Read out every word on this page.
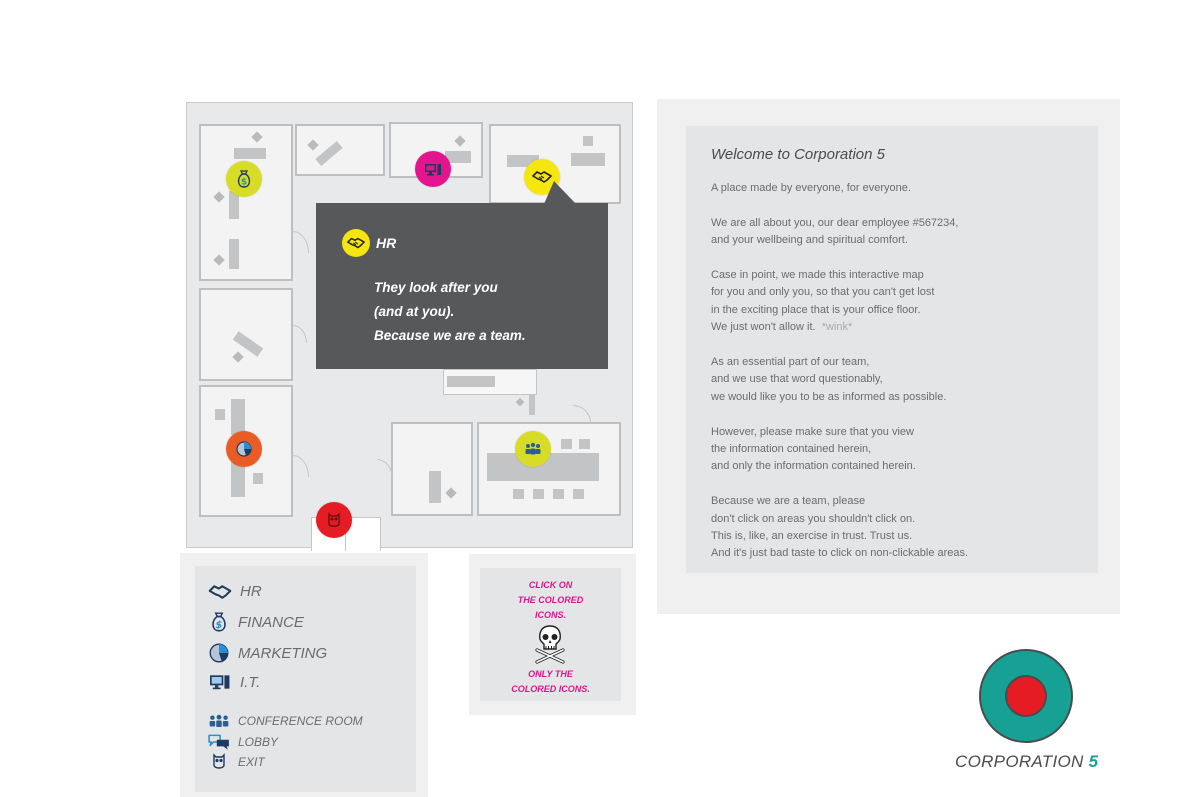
$
HR
They look after you
(and at you).
Because we are a team.
HR
$ FINANCE
MARKETING
I.T.
CONFERENCE ROOM
LOBBY
EXIT
CLICK ON
THE COLORED
ICONS.
ONLY THE
COLORED ICONS.
Welcome to Corporation 5

A place made by everyone, for everyone.

We are all about you, our dear employee #567234,
and your wellbeing and spiritual comfort.

Case in point, we made this interactive map
for you and only you, so that you can't get lost
in the exciting place that is your office floor.
We just won't allow it. *wink*

As an essential part of our team,
and we use that word questionably,
we would like you to be as informed as possible.

However, please make sure that you view
the information contained herein,
and only the information contained herein.

Because we are a team, please
don't click on areas you shouldn't click on.
This is, like, an exercise in trust. Trust us.
And it's just bad taste to click on non-clickable areas.

CORPORATION 5
